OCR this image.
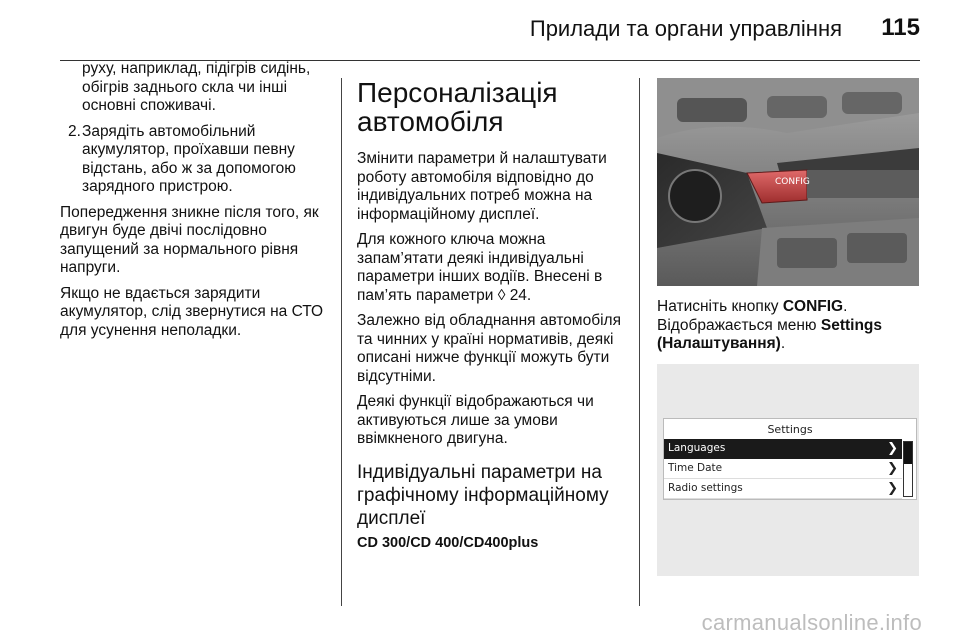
Прилади та органи управління 115

руху, наприклад, підігрів сидінь, обігрів заднього скла чи інші основні споживачі.

2. Зарядіть автомобільний акумулятор, проїхавши певну відстань, або ж за допомогою зарядного пристрою.

Попередження зникне після того, як двигун буде двічі послідовно запущений за нормального рівня напруги.

Якщо не вдається зарядити акумулятор, слід звернутися на СТО для усунення неполадки.

Персоналізація автомобіля

Змінити параметри й налаштувати роботу автомобіля відповідно до індивідуальних потреб можна на інформаційному дисплеї.

Для кожного ключа можна запам’ятати деякі індивідуальні параметри інших водіїв. Внесені в пам’ять параметри ◊ 24.

Залежно від обладнання автомобіля та чинних у країні нормативів, деякі описані нижче функції можуть бути відсутніми.

Деякі функції відображаються чи активуються лише за умови ввімкненого двигуна.

Індивідуальні параметри на графічному інформаційному дисплеї
CD 300/CD 400/CD400plus
CONFIG

Натисніть кнопку CONFIG.
Відображається меню Settings (Налаштування).

Settings
Languages	❯
Time Date	❯
Radio settings	❯
carmanualsonline.info
